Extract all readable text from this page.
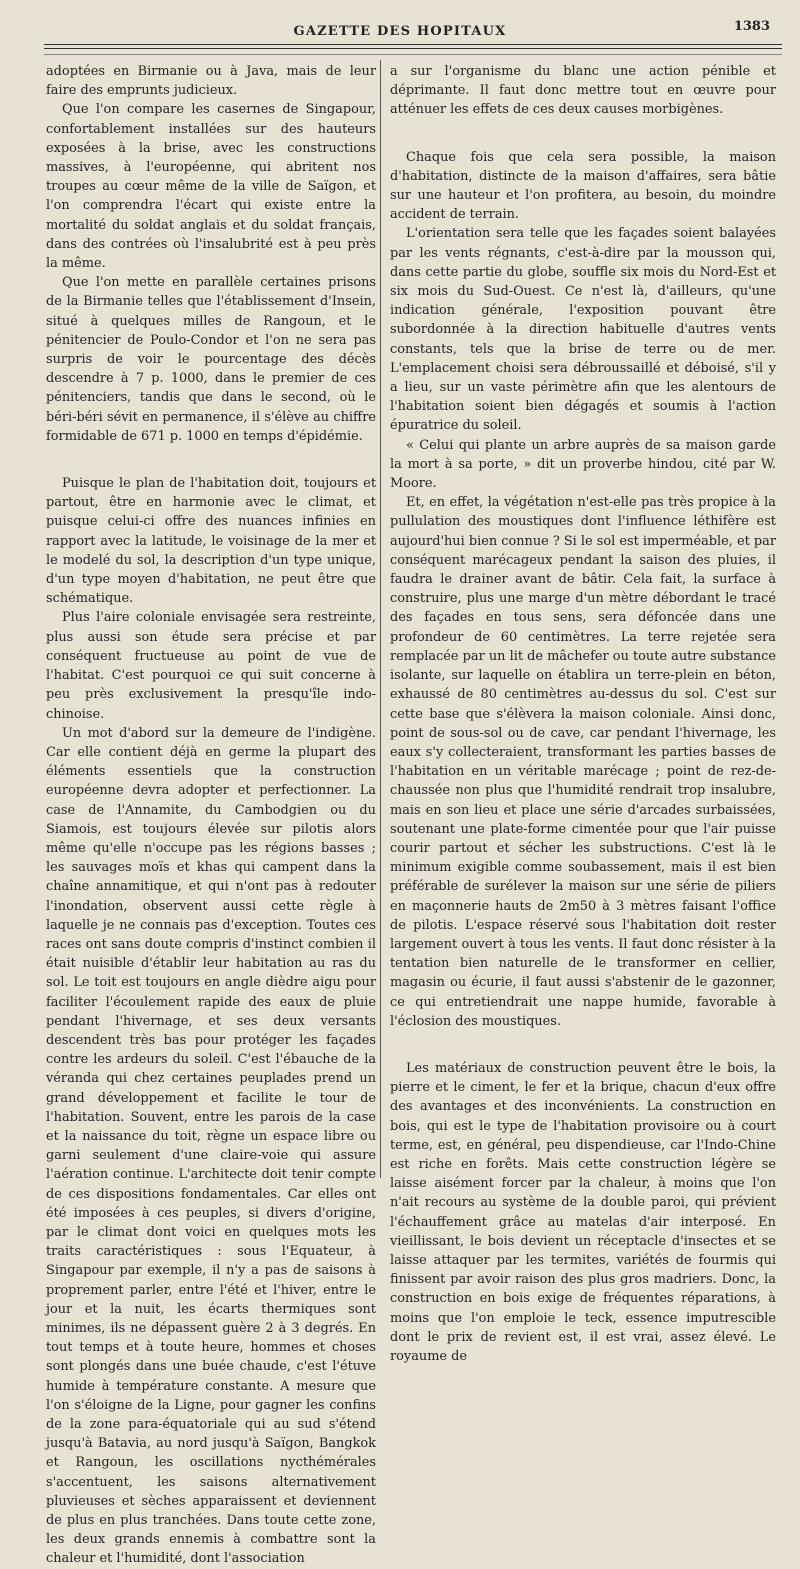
GAZETTE DES HOPITAUX	1383

adoptées en Birmanie ou à Java, mais de leur faire des emprunts judicieux.

Que l'on compare les casernes de Singapour, confortablement installées sur des hauteurs exposées à la brise, avec les constructions massives, à l'européenne, qui abritent nos troupes au cœur même de la ville de Saïgon, et l'on comprendra l'écart qui existe entre la mortalité du soldat anglais et du soldat français, dans des contrées où l'insalubrité est à peu près la même.

Que l'on mette en parallèle certaines prisons de la Birmanie telles que l'établissement d'Insein, situé à quelques milles de Rangoun, et le pénitencier de Poulo-Condor et l'on ne sera pas surpris de voir le pourcentage des décès descendre à 7 p. 1000, dans le premier de ces pénitenciers, tandis que dans le second, où le béri-béri sévit en permanence, il s'élève au chiffre formidable de 671 p. 1000 en temps d'épidémie.

Puisque le plan de l'habitation doit, toujours et partout, être en harmonie avec le climat, et puisque celui-ci offre des nuances infinies en rapport avec la latitude, le voisinage de la mer et le modelé du sol, la description d'un type unique, d'un type moyen d'habitation, ne peut être que schématique.

Plus l'aire coloniale envisagée sera restreinte, plus aussi son étude sera précise et par conséquent fructueuse au point de vue de l'habitat. C'est pourquoi ce qui suit concerne à peu près exclusivement la presqu'île indo-chinoise.

Un mot d'abord sur la demeure de l'indigène. Car elle contient déjà en germe la plupart des éléments essentiels que la construction européenne devra adopter et perfectionner. La case de l'Annamite, du Cambodgien ou du Siamois, est toujours élevée sur pilotis alors même qu'elle n'occupe pas les régions basses ; les sauvages moïs et khas qui campent dans la chaîne annamitique, et qui n'ont pas à redouter l'inondation, observent aussi cette règle à laquelle je ne connais pas d'exception. Toutes ces races ont sans doute compris d'instinct combien il était nuisible d'établir leur habitation au ras du sol. Le toit est toujours en angle dièdre aigu pour faciliter l'écoulement rapide des eaux de pluie pendant l'hivernage, et ses deux versants descendent très bas pour protéger les façades contre les ardeurs du soleil. C'est l'ébauche de la véranda qui chez certaines peuplades prend un grand développement et facilite le tour de l'habitation. Souvent, entre les parois de la case et la naissance du toit, règne un espace libre ou garni seulement d'une claire-voie qui assure l'aération continue. L'architecte doit tenir compte de ces dispositions fondamentales. Car elles ont été imposées à ces peuples, si divers d'origine, par le climat dont voici en quelques mots les traits caractéristiques : sous l'Equateur, à Singapour par exemple, il n'y a pas de saisons à proprement parler, entre l'été et l'hiver, entre le jour et la nuit, les écarts thermiques sont minimes, ils ne dépassent guère 2 à 3 degrés. En tout temps et à toute heure, hommes et choses sont plongés dans une buée chaude, c'est l'étuve humide à température constante. A mesure que l'on s'éloigne de la Ligne, pour gagner les confins de la zone para-équatoriale qui au sud s'étend jusqu'à Batavia, au nord jusqu'à Saïgon, Bangkok et Rangoun, les oscillations nycthémérales s'accentuent, les saisons alternativement pluvieuses et sèches apparaissent et deviennent de plus en plus tranchées. Dans toute cette zone, les deux grands ennemis à combattre sont la chaleur et l'humidité, dont l'association

a sur l'organisme du blanc une action pénible et déprimante. Il faut donc mettre tout en œuvre pour atténuer les effets de ces deux causes morbigènes.

Chaque fois que cela sera possible, la maison d'habitation, distincte de la maison d'affaires, sera bâtie sur une hauteur et l'on profitera, au besoin, du moindre accident de terrain.

L'orientation sera telle que les façades soient balayées par les vents régnants, c'est-à-dire par la mousson qui, dans cette partie du globe, souffle six mois du Nord-Est et six mois du Sud-Ouest. Ce n'est là, d'ailleurs, qu'une indication générale, l'exposition pouvant être subordonnée à la direction habituelle d'autres vents constants, tels que la brise de terre ou de mer. L'emplacement choisi sera débroussaillé et déboisé, s'il y a lieu, sur un vaste périmètre afin que les alentours de l'habitation soient bien dégagés et soumis à l'action épuratrice du soleil.

« Celui qui plante un arbre auprès de sa maison garde la mort à sa porte, » dit un proverbe hindou, cité par W. Moore.

Et, en effet, la végétation n'est-elle pas très propice à la pullulation des moustiques dont l'influence léthifère est aujourd'hui bien connue ? Si le sol est imperméable, et par conséquent marécageux pendant la saison des pluies, il faudra le drainer avant de bâtir. Cela fait, la surface à construire, plus une marge d'un mètre débordant le tracé des façades en tous sens, sera défoncée dans une profondeur de 60 centimètres. La terre rejetée sera remplacée par un lit de mâchefer ou toute autre substance isolante, sur laquelle on établira un terre-plein en béton, exhaussé de 80 centimètres au-dessus du sol. C'est sur cette base que s'élèvera la maison coloniale. Ainsi donc, point de sous-sol ou de cave, car pendant l'hivernage, les eaux s'y collecteraient, transformant les parties basses de l'habitation en un véritable marécage ; point de rez-de-chaussée non plus que l'humidité rendrait trop insalubre, mais en son lieu et place une série d'arcades surbaissées, soutenant une plate-forme cimentée pour que l'air puisse courir partout et sécher les substructions. C'est là le minimum exigible comme soubassement, mais il est bien préférable de surélever la maison sur une série de piliers en maçonnerie hauts de 2m50 à 3 mètres faisant l'office de pilotis. L'espace réservé sous l'habitation doit rester largement ouvert à tous les vents. Il faut donc résister à la tentation bien naturelle de le transformer en cellier, magasin ou écurie, il faut aussi s'abstenir de le gazonner, ce qui entretiendrait une nappe humide, favorable à l'éclosion des moustiques.

Les matériaux de construction peuvent être le bois, la pierre et le ciment, le fer et la brique, chacun d'eux offre des avantages et des inconvénients. La construction en bois, qui est le type de l'habitation provisoire ou à court terme, est, en général, peu dispendieuse, car l'Indo-Chine est riche en forêts. Mais cette construction légère se laisse aisément forcer par la chaleur, à moins que l'on n'ait recours au système de la double paroi, qui prévient l'échauffement grâce au matelas d'air interposé. En vieillissant, le bois devient un réceptacle d'insectes et se laisse attaquer par les termites, variétés de fourmis qui finissent par avoir raison des plus gros madriers. Donc, la construction en bois exige de fréquentes réparations, à moins que l'on emploie le teck, essence imputrescible dont le prix de revient est, il est vrai, assez élevé. Le royaume de
